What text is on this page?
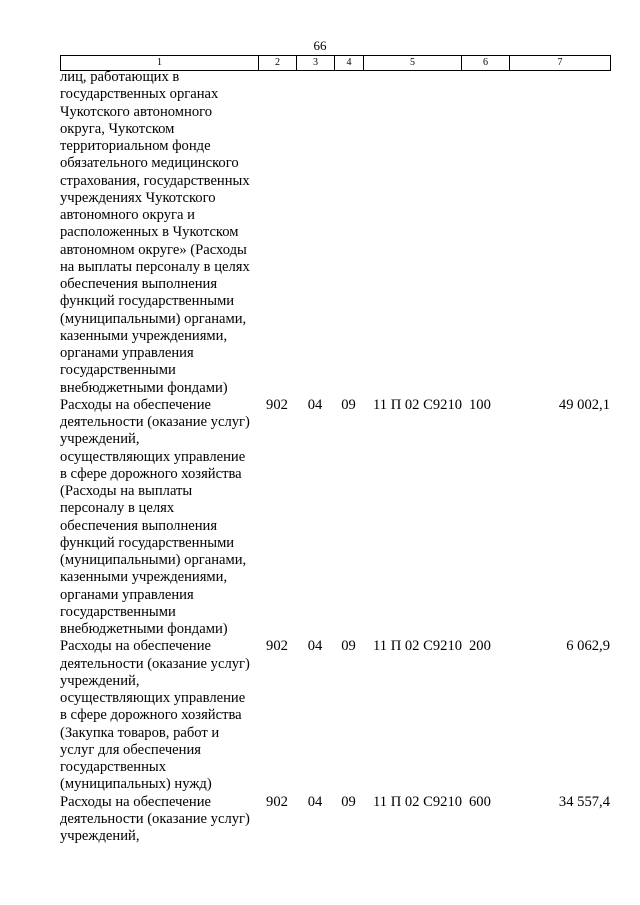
66
1	2	3	4	5	6	7
лиц, работающих в
государственных органах
Чукотского автономного
округа, Чукотском
территориальном фонде
обязательного медицинского
страхования, государственных
учреждениях Чукотского
автономного округа и
расположенных в Чукотском
автономном округе» (Расходы
на выплаты персоналу в целях
обеспечения выполнения
функций государственными
(муниципальными) органами,
казенными учреждениями,
органами управления
государственными
внебюджетными фондами)
Расходы на обеспечение
деятельности (оказание услуг)
учреждений,
осуществляющих управление
в сфере дорожного хозяйства
(Расходы на выплаты
персоналу в целях
обеспечения выполнения
функций государственными
(муниципальными) органами,
казенными учреждениями,
органами управления
государственными
внебюджетными фондами)
902	04	09	11 П 02 С9210 100	49 002,1
Расходы на обеспечение
деятельности (оказание услуг)
учреждений,
осуществляющих управление
в сфере дорожного хозяйства
(Закупка товаров, работ и
услуг для обеспечения
государственных
(муниципальных) нужд)
902	04	09	11 П 02 С9210 200	6 062,9
Расходы на обеспечение
деятельности (оказание услуг)
учреждений,
902	04	09	11 П 02 С9210 600	34 557,4
